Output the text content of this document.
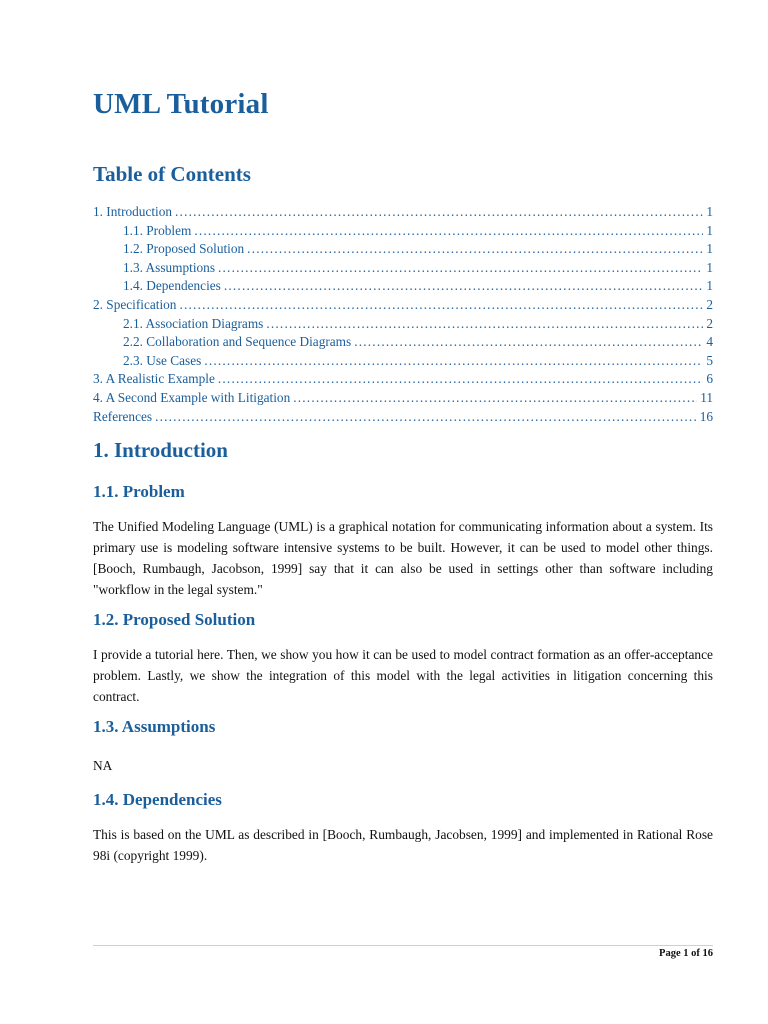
UML Tutorial
Table of Contents
1. Introduction .....	1
1.1. Problem .....	1
1.2. Proposed Solution .....	1
1.3. Assumptions .....	1
1.4. Dependencies .....	1
2. Specification .....	2
2.1. Association Diagrams .....	2
2.2. Collaboration and Sequence Diagrams .....	4
2.3. Use Cases .....	5
3. A Realistic Example .....	6
4. A Second Example with Litigation .....	11
References .....	16
1. Introduction
1.1. Problem

The Unified Modeling Language (UML) is a graphical notation for communicating information about a system. Its primary use is modeling software intensive systems to be built. However, it can be used to model other things. [Booch, Rumbaugh, Jacobson, 1999] say that it can also be used in settings other than software including "workflow in the legal system."

1.2. Proposed Solution

I provide a tutorial here. Then, we show you how it can be used to model contract formation as an offer-acceptance problem. Lastly, we show the integration of this model with the legal activities in litigation concerning this contract.

1.3. Assumptions

NA

1.4. Dependencies

This is based on the UML as described in [Booch, Rumbaugh, Jacobsen, 1999] and implemented in Rational Rose 98i (copyright 1999).

Page 1 of 16
